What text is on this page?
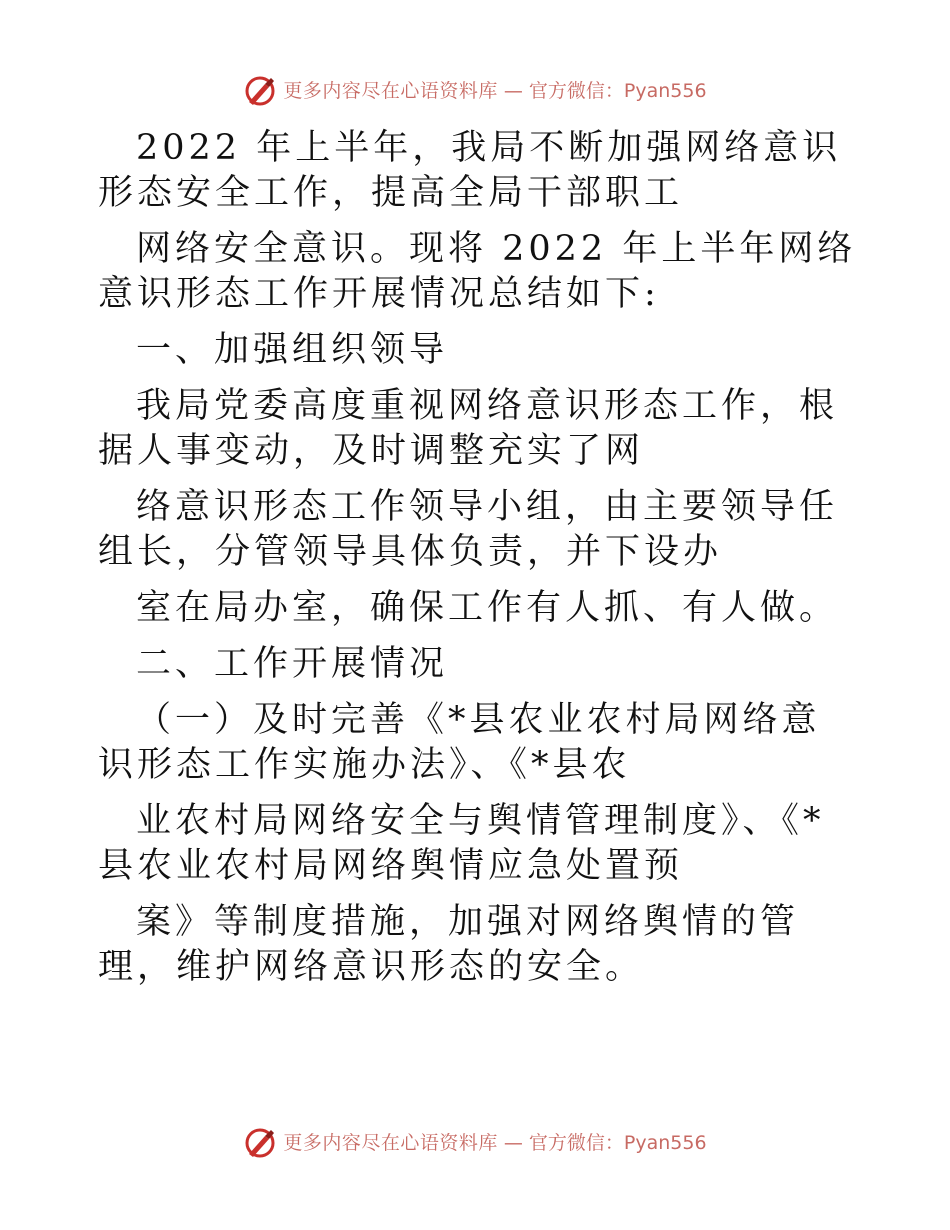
更多内容尽在心语资料库 — 官方微信：Pyan556

2022 年上半年，我局不断加强网络意识形态安全工作，提高全局干部职工

网络安全意识。现将 2022 年上半年网络意识形态工作开展情况总结如下:

一、加强组织领导

我局党委高度重视网络意识形态工作，根据人事变动，及时调整充实了网

络意识形态工作领导小组，由主要领导任组长，分管领导具体负责，并下设办

室在局办室，确保工作有人抓、有人做。

二、工作开展情况

（一）及时完善《*县农业农村局网络意识形态工作实施办法》、《*县农

业农村局网络安全与舆情管理制度》、《*县农业农村局网络舆情应急处置预

案》等制度措施，加强对网络舆情的管理，维护网络意识形态的安全。

更多内容尽在心语资料库 — 官方微信：Pyan556
